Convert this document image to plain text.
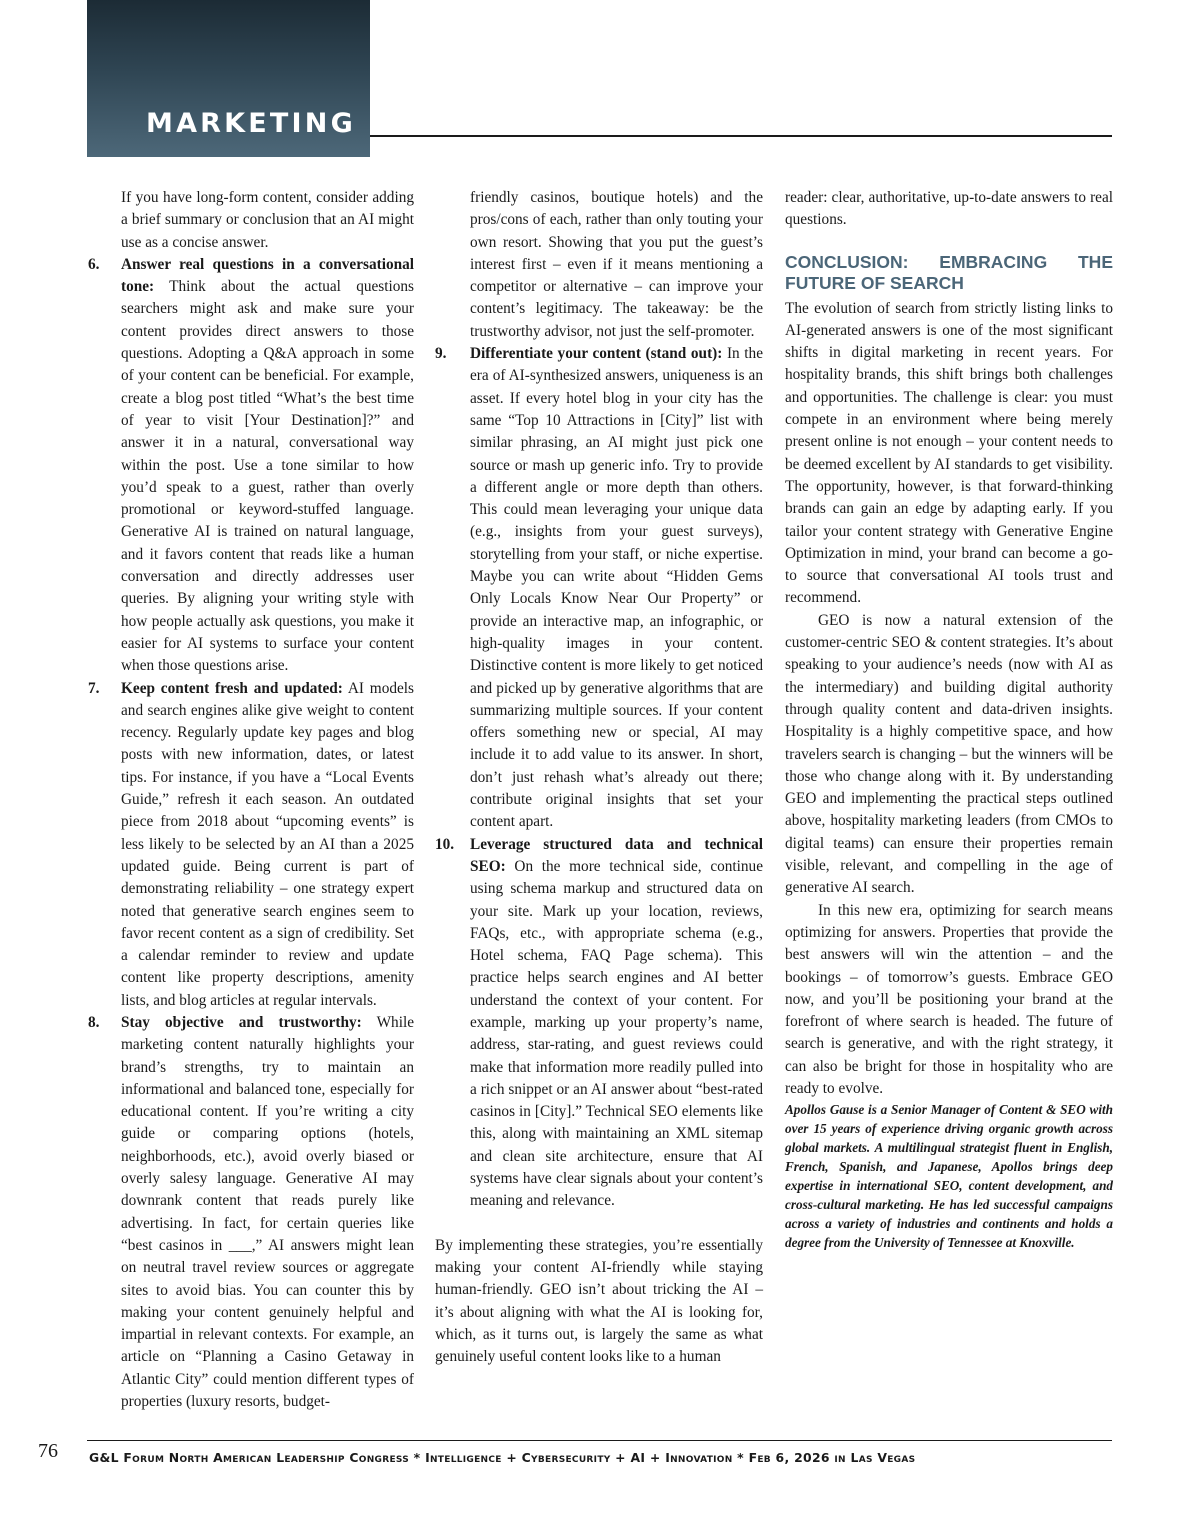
MARKETING

If you have long-form content, consider adding a brief summary or conclusion that an AI might use as a concise answer.

6. Answer real questions in a conversational tone: Think about the actual questions searchers might ask and make sure your content provides direct answers to those questions. Adopting a Q&A approach in some of your content can be beneficial. For example, create a blog post titled “What’s the best time of year to visit [Your Destination]?” and answer it in a natural, conversational way within the post. Use a tone similar to how you’d speak to a guest, rather than overly promotional or keyword-stuffed language. Generative AI is trained on natural language, and it favors content that reads like a human conversation and directly addresses user queries. By aligning your writing style with how people actually ask questions, you make it easier for AI systems to surface your content when those questions arise.

7. Keep content fresh and updated: AI models and search engines alike give weight to content recency. Regularly update key pages and blog posts with new information, dates, or latest tips. For instance, if you have a “Local Events Guide,” refresh it each season. An outdated piece from 2018 about “upcoming events” is less likely to be selected by an AI than a 2025 updated guide. Being current is part of demonstrating reliability – one strategy expert noted that generative search engines seem to favor recent content as a sign of credibility. Set a calendar reminder to review and update content like property descriptions, amenity lists, and blog articles at regular intervals.

8. Stay objective and trustworthy: While marketing content naturally highlights your brand’s strengths, try to maintain an informational and balanced tone, especially for educational content. If you’re writing a city guide or comparing options (hotels, neighborhoods, etc.), avoid overly biased or overly salesy language. Generative AI may downrank content that reads purely like advertising. In fact, for certain queries like “best casinos in ___,” AI answers might lean on neutral travel review sources or aggregate sites to avoid bias. You can counter this by making your content genuinely helpful and impartial in relevant contexts. For example, an article on “Planning a Casino Getaway in Atlantic City” could mention different types of properties (luxury resorts, budget-

friendly casinos, boutique hotels) and the pros/cons of each, rather than only touting your own resort. Showing that you put the guest’s interest first – even if it means mentioning a competitor or alternative – can improve your content’s legitimacy. The takeaway: be the trustworthy advisor, not just the self-promoter.

9. Differentiate your content (stand out): In the era of AI-synthesized answers, uniqueness is an asset. If every hotel blog in your city has the same “Top 10 Attractions in [City]” list with similar phrasing, an AI might just pick one source or mash up generic info. Try to provide a different angle or more depth than others. This could mean leveraging your unique data (e.g., insights from your guest surveys), storytelling from your staff, or niche expertise. Maybe you can write about “Hidden Gems Only Locals Know Near Our Property” or provide an interactive map, an infographic, or high-quality images in your content. Distinctive content is more likely to get noticed and picked up by generative algorithms that are summarizing multiple sources. If your content offers something new or special, AI may include it to add value to its answer. In short, don’t just rehash what’s already out there; contribute original insights that set your content apart.

10. Leverage structured data and technical SEO: On the more technical side, continue using schema markup and structured data on your site. Mark up your location, reviews, FAQs, etc., with appropriate schema (e.g., Hotel schema, FAQ Page schema). This practice helps search engines and AI better understand the context of your content. For example, marking up your property’s name, address, star-rating, and guest reviews could make that information more readily pulled into a rich snippet or an AI answer about “best-rated casinos in [City].” Technical SEO elements like this, along with maintaining an XML sitemap and clean site architecture, ensure that AI systems have clear signals about your content’s meaning and relevance.

By implementing these strategies, you’re essentially making your content AI-friendly while staying human-friendly. GEO isn’t about tricking the AI – it’s about aligning with what the AI is looking for, which, as it turns out, is largely the same as what genuinely useful content looks like to a human

reader: clear, authoritative, up-to-date answers to real questions.

CONCLUSION: EMBRACING THE
FUTURE OF SEARCH

The evolution of search from strictly listing links to AI-generated answers is one of the most significant shifts in digital marketing in recent years. For hospitality brands, this shift brings both challenges and opportunities. The challenge is clear: you must compete in an environment where being merely present online is not enough – your content needs to be deemed excellent by AI standards to get visibility. The opportunity, however, is that forward-thinking brands can gain an edge by adapting early. If you tailor your content strategy with Generative Engine Optimization in mind, your brand can become a go-to source that conversational AI tools trust and recommend.

GEO is now a natural extension of the customer-centric SEO & content strategies. It’s about speaking to your audience’s needs (now with AI as the intermediary) and building digital authority through quality content and data-driven insights. Hospitality is a highly competitive space, and how travelers search is changing – but the winners will be those who change along with it. By understanding GEO and implementing the practical steps outlined above, hospitality marketing leaders (from CMOs to digital teams) can ensure their properties remain visible, relevant, and compelling in the age of generative AI search.

In this new era, optimizing for search means optimizing for answers. Properties that provide the best answers will win the attention – and the bookings – of tomorrow’s guests. Embrace GEO now, and you’ll be positioning your brand at the forefront of where search is headed. The future of search is generative, and with the right strategy, it can also be bright for those in hospitality who are ready to evolve.

Apollos Gause is a Senior Manager of Content & SEO with over 15 years of experience driving organic growth across global markets. A multilingual strategist fluent in English, French, Spanish, and Japanese, Apollos brings deep expertise in international SEO, content development, and cross-cultural marketing. He has led successful campaigns across a variety of industries and continents and holds a degree from the University of Tennessee at Knoxville.

76	G&L Forum North American Leadership Congress * Intelligence + Cybersecurity + AI + Innovation * Feb 6, 2026 in Las Vegas
